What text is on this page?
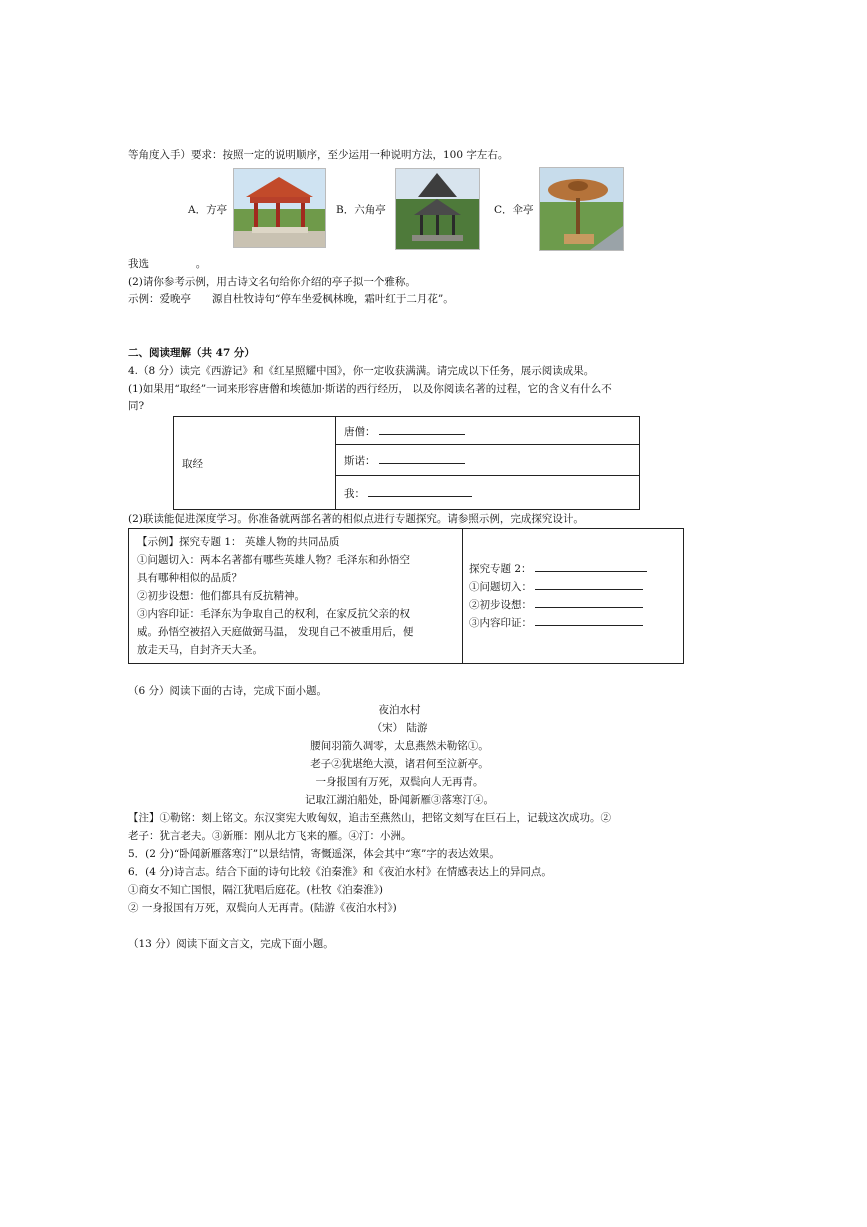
等角度入手）要求：按照一定的说明顺序，至少运用一种说明方法，100 字左右。
A．方亭	B．六角亭	C．伞亭
我选	。
(2)请你参考示例，用古诗文名句给你介绍的亭子拟一个雅称。
示例：爱晚亭　　源自杜牧诗句“停车坐爱枫林晚，霜叶红于二月花”。
二、阅读理解（共 47 分）
4.（8 分）读完《西游记》和《红星照耀中国》，你一定收获满满。请完成以下任务，展示阅读成果。
(1)如果用“取经”一词来形容唐僧和埃德加·斯诺的西行经历， 以及你阅读名著的过程，它的含义有什么不
同?
取经	唐僧：
斯诺：
我：
(2)联读能促进深度学习。你准备就两部名著的相似点进行专题探究。请参照示例，完成探究设计。
【示例】探究专题 1： 英雄人物的共同品质
①问题切入：两本名著都有哪些英雄人物？毛泽东和孙悟空
具有哪种相似的品质？
②初步设想：他们都具有反抗精神。
③内容印证：毛泽东为争取自己的权利，在家反抗父亲的权
威。孙悟空被招入天庭做弼马温， 发现自己不被重用后，便
放走天马，自封齐天大圣。

探究专题 2：
①问题切入：
②初步设想：
③内容印证：
（6 分）阅读下面的古诗，完成下面小题。
夜泊水村
（宋） 陆游
腰间羽箭久凋零，太息燕然未勒铭①。
老子②犹堪绝大漠，诸君何至泣新亭。
一身报国有万死，双鬓向人无再青。
记取江湖泊船处，卧闻新雁③落寒汀④。
【注】①勒铭：刻上铭文。东汉窦宪大败匈奴，追击至燕然山，把铭文刻写在巨石上，记载这次成功。②
老子：犹言老夫。③新雁：刚从北方飞来的雁。④汀：小洲。
5．(2 分)“卧闻新雁落寒汀”以景结情，寄慨遥深，体会其中“寒”字的表达效果。
6．(4 分)诗言志。结合下面的诗句比较《泊秦淮》和《夜泊水村》在情感表达上的异同点。
①商女不知亡国恨，隔江犹唱后庭花。(杜牧《泊秦淮》)
② 一身报国有万死，双鬓向人无再青。(陆游《夜泊水村》)
（13 分）阅读下面文言文，完成下面小题。
